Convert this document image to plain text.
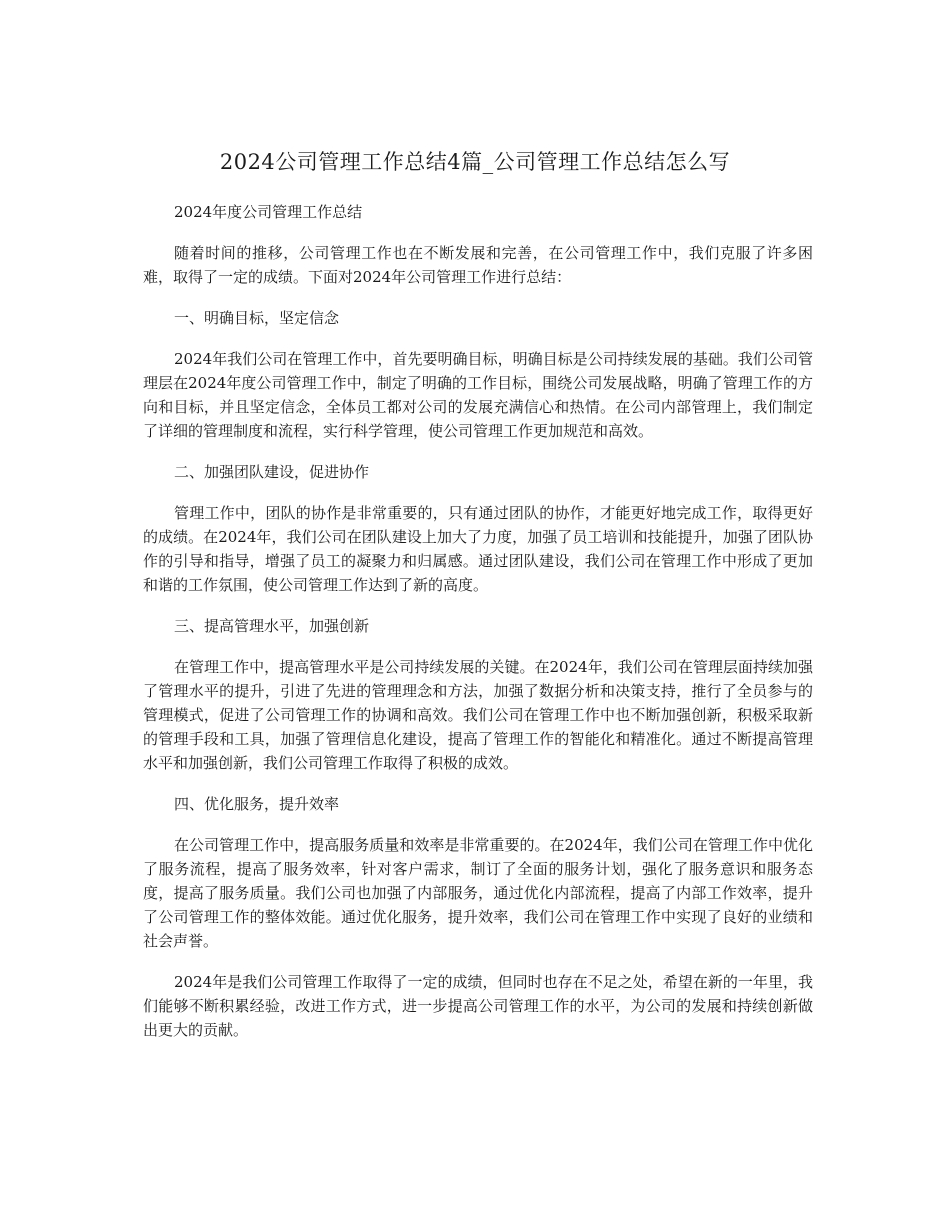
2024公司管理工作总结4篇_公司管理工作总结怎么写

2024年度公司管理工作总结

随着时间的推移，公司管理工作也在不断发展和完善，在公司管理工作中，我们克服了许多困难，取得了一定的成绩。下面对2024年公司管理工作进行总结：

一、明确目标，坚定信念

2024年我们公司在管理工作中，首先要明确目标，明确目标是公司持续发展的基础。我们公司管理层在2024年度公司管理工作中，制定了明确的工作目标，围绕公司发展战略，明确了管理工作的方向和目标，并且坚定信念，全体员工都对公司的发展充满信心和热情。在公司内部管理上，我们制定了详细的管理制度和流程，实行科学管理，使公司管理工作更加规范和高效。

二、加强团队建设，促进协作

管理工作中，团队的协作是非常重要的，只有通过团队的协作，才能更好地完成工作，取得更好的成绩。在2024年，我们公司在团队建设上加大了力度，加强了员工培训和技能提升，加强了团队协作的引导和指导，增强了员工的凝聚力和归属感。通过团队建设，我们公司在管理工作中形成了更加和谐的工作氛围，使公司管理工作达到了新的高度。

三、提高管理水平，加强创新

在管理工作中，提高管理水平是公司持续发展的关键。在2024年，我们公司在管理层面持续加强了管理水平的提升，引进了先进的管理理念和方法，加强了数据分析和决策支持，推行了全员参与的管理模式，促进了公司管理工作的协调和高效。我们公司在管理工作中也不断加强创新，积极采取新的管理手段和工具，加强了管理信息化建设，提高了管理工作的智能化和精准化。通过不断提高管理水平和加强创新，我们公司管理工作取得了积极的成效。

四、优化服务，提升效率

在公司管理工作中，提高服务质量和效率是非常重要的。在2024年，我们公司在管理工作中优化了服务流程，提高了服务效率，针对客户需求，制订了全面的服务计划，强化了服务意识和服务态度，提高了服务质量。我们公司也加强了内部服务，通过优化内部流程，提高了内部工作效率，提升了公司管理工作的整体效能。通过优化服务，提升效率，我们公司在管理工作中实现了良好的业绩和社会声誉。

2024年是我们公司管理工作取得了一定的成绩，但同时也存在不足之处，希望在新的一年里，我们能够不断积累经验，改进工作方式，进一步提高公司管理工作的水平，为公司的发展和持续创新做出更大的贡献。
